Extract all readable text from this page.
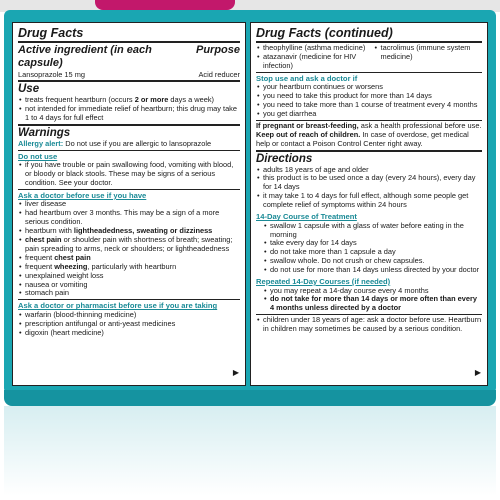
Drug Facts
Active ingredient (in each capsule)
Purpose
Lansoprazole 15 mg	Acid reducer
Use
• treats frequent heartburn (occurs 2 or more days a week)
• not intended for immediate relief of heartburn; this drug may take 1 to 4 days for full effect
Warnings
Allergy alert: Do not use if you are allergic to lansoprazole
Do not use
• if you have trouble or pain swallowing food, vomiting with blood, or bloody or black stools. These may be signs of a serious condition. See your doctor.
Ask a doctor before use if you have
• liver disease
• had heartburn over 3 months. This may be a sign of a more serious condition.
• heartburn with lightheadedness, sweating or dizziness
• chest pain or shoulder pain with shortness of breath; sweating; pain spreading to arms, neck or shoulders; or lightheadedness
• frequent chest pain
• frequent wheezing, particularly with heartburn
• unexplained weight loss
• nausea or vomiting
• stomach pain
Ask a doctor or pharmacist before use if you are taking
• warfarin (blood-thinning medicine)
• prescription antifungal or anti-yeast medicines
• digoxin (heart medicine)
▶
Drug Facts (continued)
• theophylline (asthma medicine)
• atazanavir (medicine for HIV infection)
• tacrolimus (immune system medicine)
Stop use and ask a doctor if
• your heartburn continues or worsens
• you need to take this product for more than 14 days
• you need to take more than 1 course of treatment every 4 months
• you get diarrhea
If pregnant or breast-feeding, ask a health professional before use.
Keep out of reach of children. In case of overdose, get medical help or contact a Poison Control Center right away.
Directions
• adults 18 years of age and older
• this product is to be used once a day (every 24 hours), every day for 14 days
• it may take 1 to 4 days for full effect, although some people get complete relief of symptoms within 24 hours
14-Day Course of Treatment
• swallow 1 capsule with a glass of water before eating in the morning
• take every day for 14 days
• do not take more than 1 capsule a day
• swallow whole. Do not crush or chew capsules.
• do not use for more than 14 days unless directed by your doctor
Repeated 14-Day Courses (if needed)
• you may repeat a 14-day course every 4 months
• do not take for more than 14 days or more often than every 4 months unless directed by a doctor
• children under 18 years of age: ask a doctor before use. Heartburn in children may sometimes be caused by a serious condition.
▶
